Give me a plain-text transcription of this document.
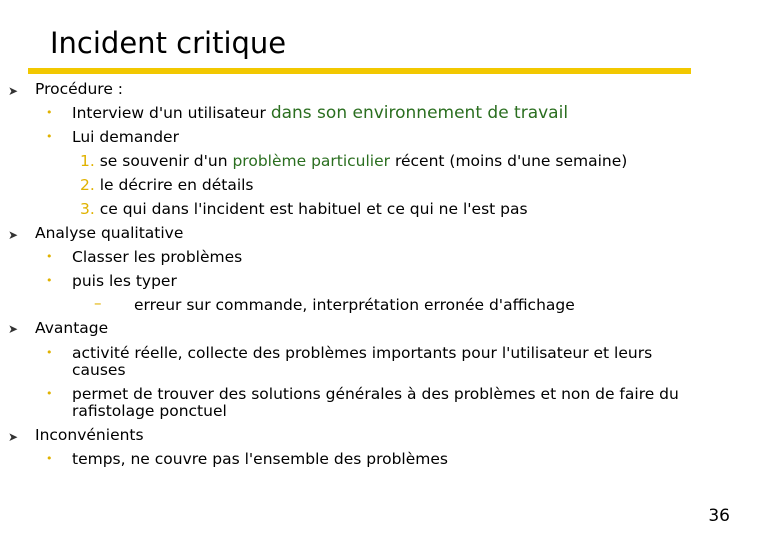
Incident critique
➤ Procédure :
• Interview d'un utilisateur dans son environnement de travail
• Lui demander
1. se souvenir d'un problème particulier récent (moins d'une semaine)
2. le décrire en détails
3. ce qui dans l'incident est habituel et ce qui ne l'est pas
➤ Analyse qualitative
• Classer les problèmes
• puis les typer
– erreur sur commande, interprétation erronée d'affichage
➤ Avantage
• activité réelle, collecte des problèmes importants pour l'utilisateur et leurs
causes
• permet de trouver des solutions générales à des problèmes et non de faire du
rafistolage ponctuel
➤ Inconvénients
• temps, ne couvre pas l'ensemble des problèmes
36
